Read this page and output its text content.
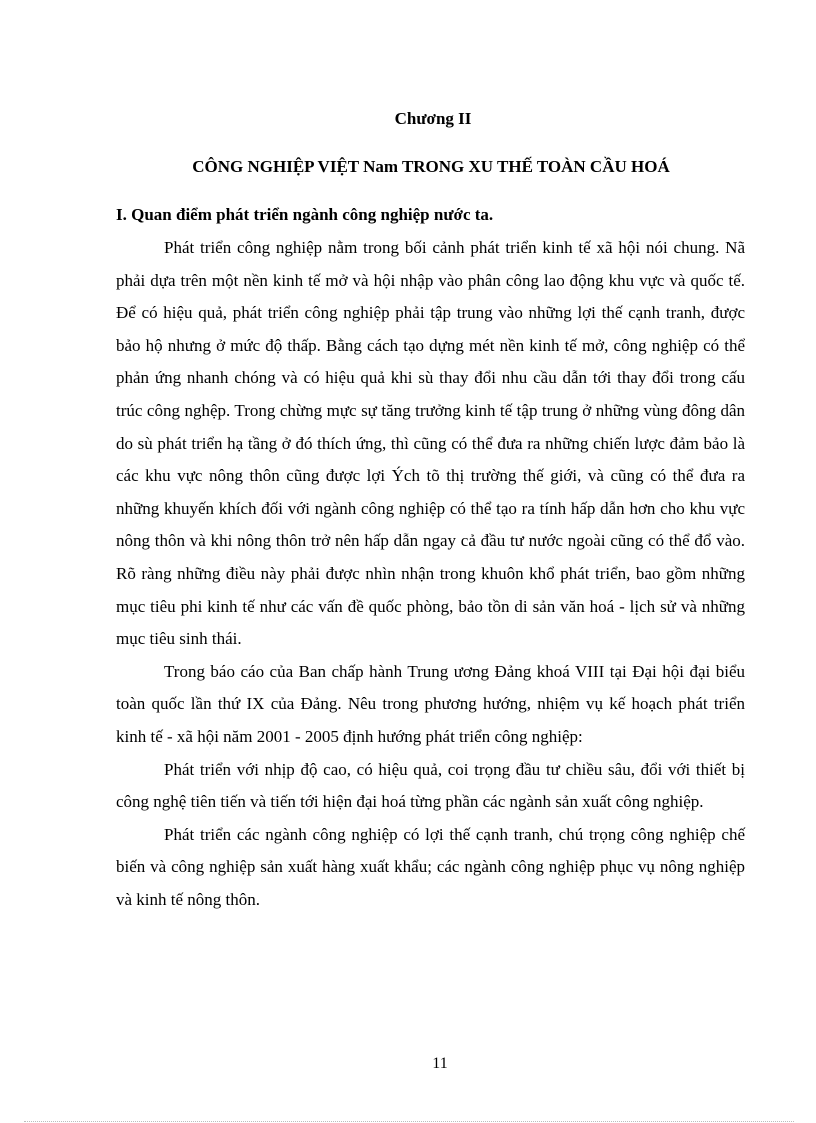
Chương II
CÔNG NGHIỆP VIỆT Nam TRONG XU THẾ TOÀN CẦU HOÁ
I. Quan điểm phát triển ngành công nghiệp nước ta.

Phát triển công nghiệp nằm trong bối cảnh phát triển kinh tế xã hội nói chung. Nã phải dựa trên một nền kinh tế mở và hội nhập vào phân công lao động khu vực và quốc tế. Để có hiệu quả, phát triển công nghiệp phải tập trung vào những lợi thế cạnh tranh, được bảo hộ nhưng ở mức độ thấp. Bằng cách tạo dựng mét nền kinh tế mở, công nghiệp có thể phản ứng nhanh chóng và có hiệu quả khi sù thay đổi nhu cầu dẫn tới thay đổi trong cấu trúc công nghệp. Trong chừng mực sự tăng trưởng kinh tế tập trung ở những vùng đông dân do sù phát triển hạ tầng ở đó thích ứng, thì cũng có thể đưa ra những chiến lược đảm bảo là các khu vực nông thôn cũng được lợi Ých tõ thị trường thế giới, và cũng có thể đưa ra những khuyến khích đối với ngành công nghiệp có thể tạo ra tính hấp dẫn hơn cho khu vực nông thôn và khi nông thôn trở nên hấp dẫn ngay cả đầu tư nước ngoài cũng có thể đổ vào. Rõ ràng những điều này phải được nhìn nhận trong khuôn khổ phát triển, bao gồm những mục tiêu phi kinh tế như các vấn đề quốc phòng, bảo tồn di sản văn hoá - lịch sử và những mục tiêu sinh thái.

Trong báo cáo của Ban chấp hành Trung ương Đảng khoá VIII tại Đại hội đại biểu toàn quốc lần thứ IX của Đảng. Nêu trong phương hướng, nhiệm vụ kế hoạch phát triển kinh tế - xã hội năm 2001 - 2005 định hướng phát triển công nghiệp:

Phát triển với nhịp độ cao, có hiệu quả, coi trọng đầu tư chiều sâu, đổi với thiết bị công nghệ tiên tiến và tiến tới hiện đại hoá từng phần các ngành sản xuất công nghiệp.

Phát triển các ngành công nghiệp có lợi thế cạnh tranh, chú trọng công nghiệp chế biến và công nghiệp sản xuất hàng xuất khẩu; các ngành công nghiệp phục vụ nông nghiệp và kinh tế nông thôn.

11
